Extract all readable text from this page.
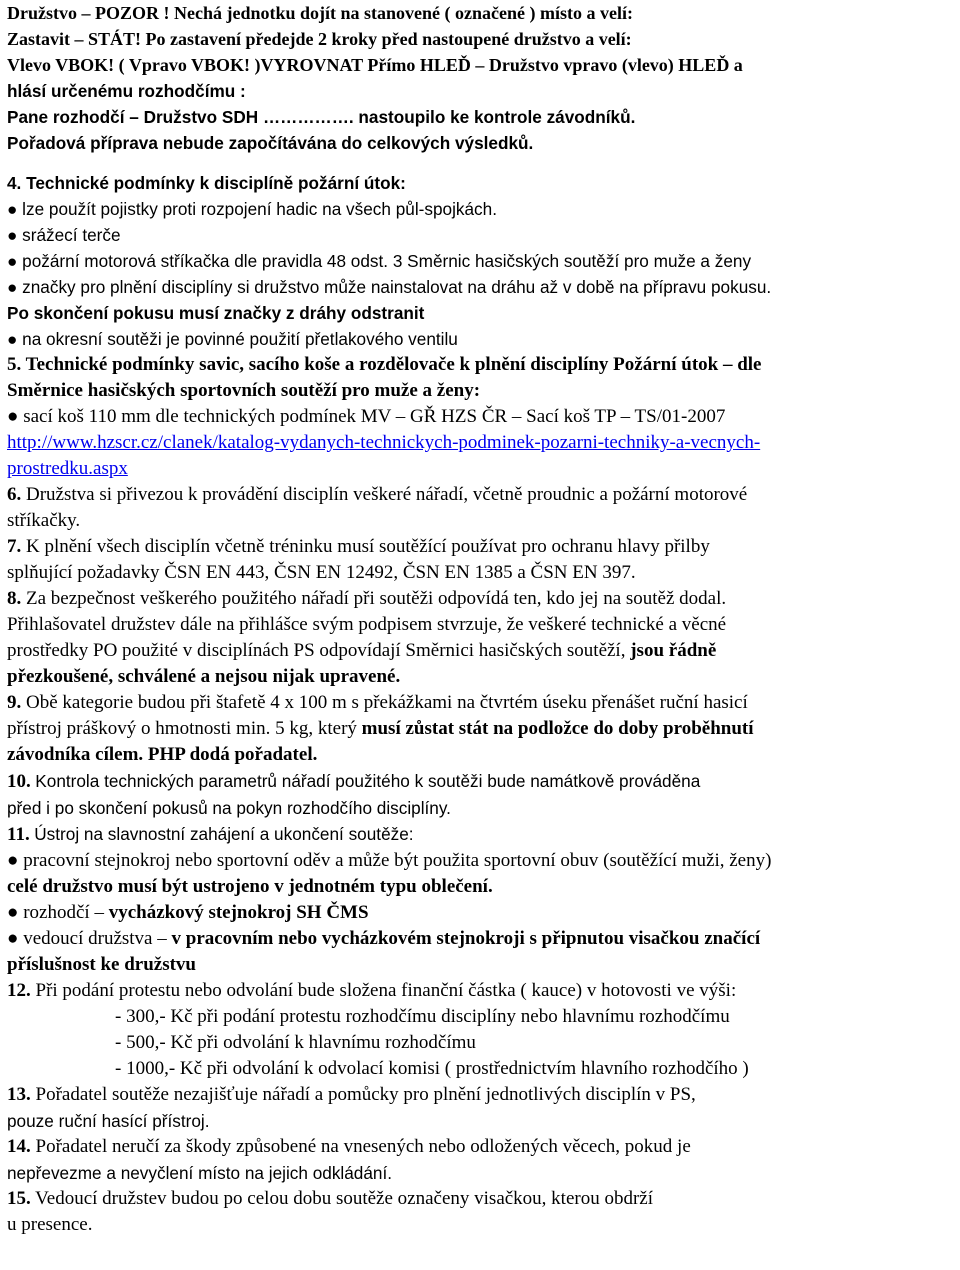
Družstvo – POZOR ! Nechá jednotku dojít na stanovené ( označené ) místo a velí:
Zastavit – STÁT! Po zastavení předejde 2 kroky před nastoupené družstvo a velí:
Vlevo VBOK! ( Vpravo VBOK! )VYROVNAT Přímo HLEĎ – Družstvo vpravo (vlevo) HLEĎ a
hlásí určenému rozhodčímu :
Pane rozhodčí – Družstvo SDH ……………. nastoupilo ke kontrole závodníků.
Pořadová příprava nebude započítávána do celkových výsledků.
4. Technické podmínky k disciplíně požární útok:
● lze použít pojistky proti rozpojení hadic na všech půl-spojkách.
● srážecí terče
● požární motorová stříkačka dle pravidla 48 odst. 3 Směrnic hasičských soutěží pro muže a ženy
● značky pro plnění disciplíny si družstvo může nainstalovat na dráhu až v době na přípravu pokusu.
Po skončení pokusu musí značky z dráhy odstranit
● na okresní soutěži je povinné použití přetlakového ventilu
5. Technické podmínky savic, sacího koše a rozdělovače k plnění disciplíny Požární útok – dle
Směrnice hasičských sportovních soutěží pro muže a ženy:
● sací koš 110 mm dle technických podmínek MV – GŘ HZS ČR – Sací koš TP – TS/01-2007
http://www.hzscr.cz/clanek/katalog-vydanych-technickych-podminek-pozarni-techniky-a-vecnych-
prostredku.aspx
6. Družstva si přivezou k provádění disciplín veškeré nářadí, včetně proudnic a požární motorové
stříkačky.
7. K plnění všech disciplín včetně tréninku musí soutěžící používat pro ochranu hlavy přilby
splňující požadavky ČSN EN 443, ČSN EN 12492, ČSN EN 1385 a ČSN EN 397.
8. Za bezpečnost veškerého použitého nářadí při soutěži odpovídá ten, kdo jej na soutěž dodal.
Přihlašovatel družstev dále na přihlášce svým podpisem stvrzuje, že veškeré technické a věcné
prostředky PO použité v disciplínách PS odpovídají Směrnici hasičských soutěží, jsou řádně
přezkoušené, schválené a nejsou nijak upravené.
9. Obě kategorie budou při štafetě 4 x 100 m s překážkami na čtvrtém úseku přenášet ruční hasicí
přístroj práškový o hmotnosti min. 5 kg, který musí zůstat stát na podložce do doby proběhnutí
závodníka cílem. PHP dodá pořadatel.
10. Kontrola technických parametrů nářadí použitého k soutěži bude namátkově prováděna
před i po skončení pokusů na pokyn rozhodčího disciplíny.
11. Ústroj na slavnostní zahájení a ukončení soutěže:
● pracovní stejnokroj nebo sportovní oděv a může být použita sportovní obuv (soutěžící muži, ženy)
celé družstvo musí být ustrojeno v jednotném typu oblečení.
● rozhodčí – vycházkový stejnokroj SH ČMS
● vedoucí družstva – v pracovním nebo vycházkovém stejnokroji s připnutou visačkou značící
příslušnost ke družstvu
12. Při podání protestu nebo odvolání bude složena finanční částka ( kauce) v hotovosti ve výši:
- 300,- Kč při podání protestu rozhodčímu disciplíny nebo hlavnímu rozhodčímu
- 500,- Kč při odvolání k hlavnímu rozhodčímu
- 1000,- Kč při odvolání k odvolací komisi ( prostřednictvím hlavního rozhodčího )
13. Pořadatel soutěže nezajišťuje nářadí a pomůcky pro plnění jednotlivých disciplín v PS,
pouze ruční hasící přístroj.
14. Pořadatel neručí za škody způsobené na vnesených nebo odložených věcech, pokud je
nepřevezme a nevyčlení místo na jejich odkládání.
15. Vedoucí družstev budou po celou dobu soutěže označeny visačkou, kterou obdrží
u presence.
